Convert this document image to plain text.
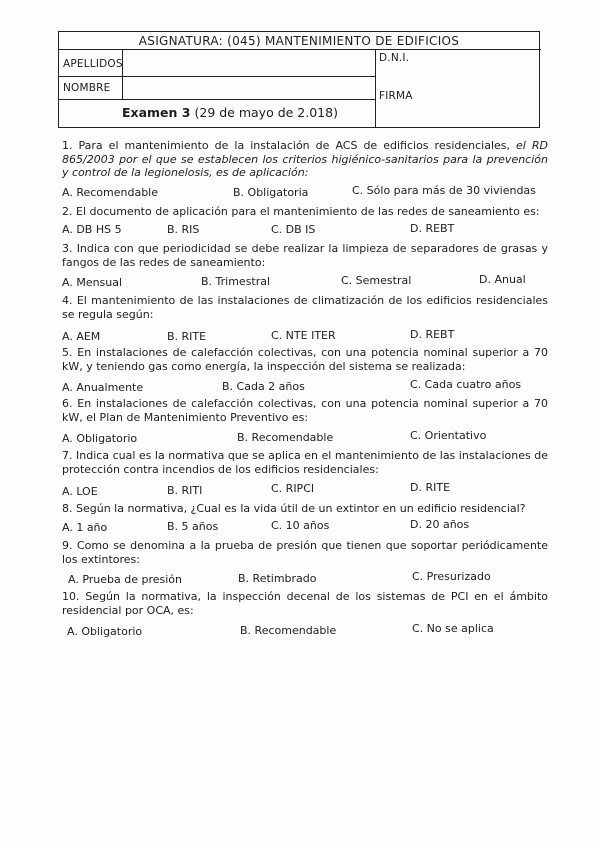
ASIGNATURA: (045) MANTENIMIENTO DE EDIFICIOS
APELLIDOS
NOMBRE
D.N.I.
FIRMA
Examen 3 (29 de mayo de 2.018)
1. Para el mantenimiento de la instalación de ACS de edificios residenciales, el RD 865/2003 por el que se establecen los criterios higiénico-sanitarios para la prevención y control de la legionelosis, es de aplicación:
A. Recomendable	B. Obligatoria	C. Sólo para más de 30 viviendas
2. El documento de aplicación para el mantenimiento de las redes de saneamiento es:
A. DB HS 5	B. RIS	C. DB IS	D. REBT
3. Indica con que periodicidad se debe realizar la limpieza de separadores de grasas y fangos de las redes de saneamiento:
A. Mensual	B. Trimestral	C. Semestral	D. Anual
4. El mantenimiento de las instalaciones de climatización de los edificios residenciales se regula según:
A. AEM	B. RITE	C. NTE ITER	D. REBT
5. En instalaciones de calefacción colectivas, con una potencia nominal superior a 70 kW, y teniendo gas como energía, la inspección del sistema se realizada:
A. Anualmente	B. Cada 2 años	C. Cada cuatro años
6. En instalaciones de calefacción colectivas, con una potencia nominal superior a 70 kW, el Plan de Mantenimiento Preventivo es:
A. Obligatorio	B. Recomendable	C. Orientativo
7. Indica cual es la normativa que se aplica en el mantenimiento de las instalaciones de protección contra incendios de los edificios residenciales:
A. LOE	B. RITI	C. RIPCI	D. RITE
8. Según la normativa, ¿Cual es la vida útil de un extintor en un edificio residencial?
A. 1 año	B. 5 años	C. 10 años	D. 20 años
9. Como se denomina a la prueba de presión que tienen que soportar periódicamente los extintores:
A. Prueba de presión	B. Retimbrado	C. Presurizado
10. Según la normativa, la inspección decenal de los sistemas de PCI en el ámbito residencial por OCA, es:
A. Obligatorio	B. Recomendable	C. No se aplica
